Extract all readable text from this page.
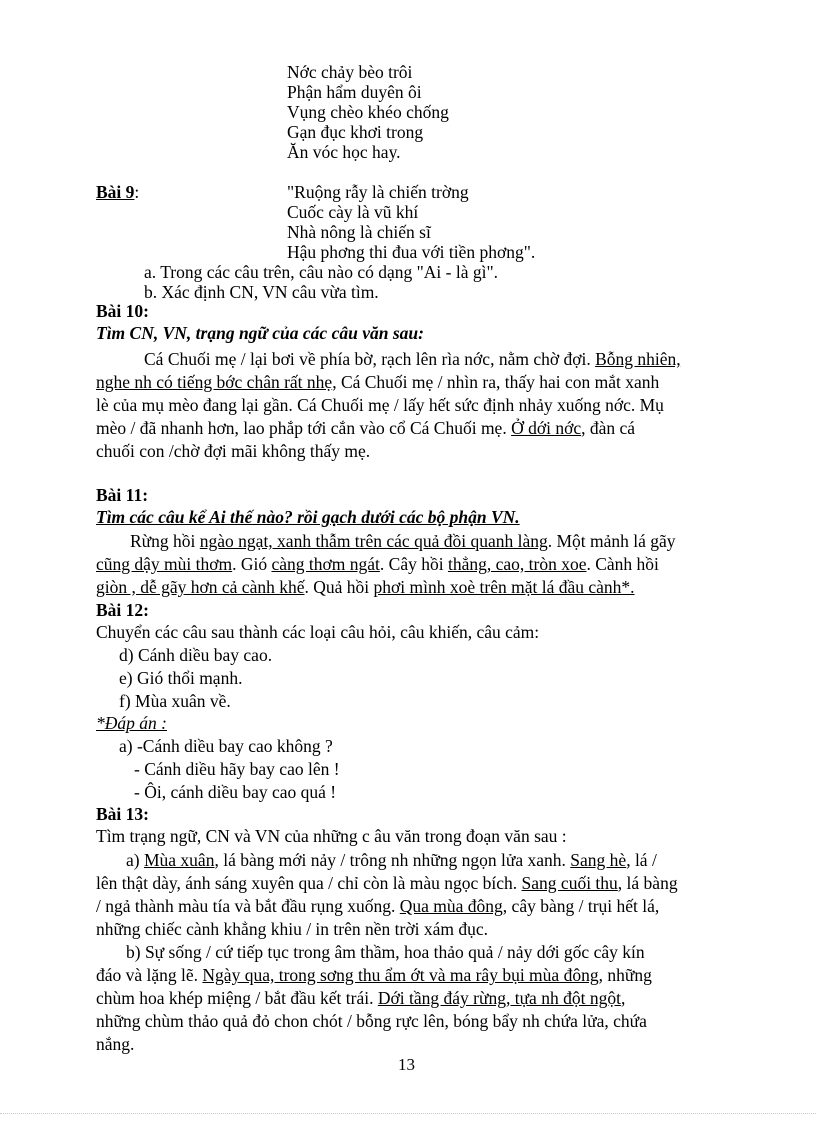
Nớc chảy bèo trôi
Phận hẩm duyên ôi
Vụng chèo khéo chống
Gạn đục khơi trong
Ăn vóc học hay.
Bài 9:	"Ruộng rẫy là chiến trờng
Cuốc cày là vũ khí
Nhà nông là chiến sĩ
Hậu phơng thi đua với tiền phơng".
a. Trong các câu trên, câu nào có dạng "Ai - là gì".
b. Xác định CN, VN câu vừa tìm.
Bài 10:
Tìm CN, VN, trạng ngữ của các câu văn sau:
Cá Chuối mẹ / lại bơi về phía bờ, rạch lên rìa nớc, nằm chờ đợi. Bỗng nhiên,
nghe nh có tiếng bớc chân rất nhẹ, Cá Chuối mẹ / nhìn ra, thấy hai con mắt xanh
lè của mụ mèo đang lại gần. Cá Chuối mẹ / lấy hết sức định nhảy xuống nớc. Mụ
mèo / đã nhanh hơn, lao phắp tới cắn vào cổ Cá Chuối mẹ. Ở dới nớc, đàn cá
chuối con /chờ đợi mãi không thấy mẹ.
Bài 11:
Tìm các câu kể Ai thế nào? rồi gạch dưới các bộ phận VN.
Rừng hồi ngào ngạt, xanh thẫm trên các quả đồi quanh làng. Một mảnh lá gãy
cũng dậy mùi thơm. Gió càng thơm ngát. Cây hồi thẳng, cao, tròn xoe. Cành hồi
giòn , dễ gãy hơn cả cành khế. Quả hồi phơi mình xoè trên mặt lá đầu cành*.
Bài 12:
Chuyển các câu sau thành các loại câu hỏi, câu khiến, câu cảm:
d) Cánh diều bay cao.
e) Gió thổi mạnh.
f) Mùa xuân về.
*Đáp án :
a) -Cánh diều bay cao không ?
- Cánh diều hãy bay cao lên !
- Ôi, cánh diều bay cao quá !
Bài 13:
Tìm trạng ngữ, CN và VN của những c âu văn trong đoạn văn sau :
a) Mùa xuân, lá bàng mới nảy / trông nh những ngọn lửa xanh. Sang hè, lá /
lên thật dày, ánh sáng xuyên qua / chỉ còn là màu ngọc bích. Sang cuối thu, lá bàng
/ ngả thành màu tía và bắt đầu rụng xuống. Qua mùa đông, cây bàng / trụi hết lá,
những chiếc cành khẳng khiu / in trên nền trời xám đục.
b) Sự sống / cứ tiếp tục trong âm thầm, hoa thảo quả / nảy dới gốc cây kín
đáo và lặng lẽ. Ngày qua, trong sơng thu ẩm ớt và ma rây bụi mùa đông, những
chùm hoa khép miệng / bắt đầu kết trái. Dới tầng đáy rừng, tựa nh đột ngột,
những chùm thảo quả đỏ chon chót / bỗng rực lên, bóng bẩy nh chứa lửa, chứa
nắng.
13
